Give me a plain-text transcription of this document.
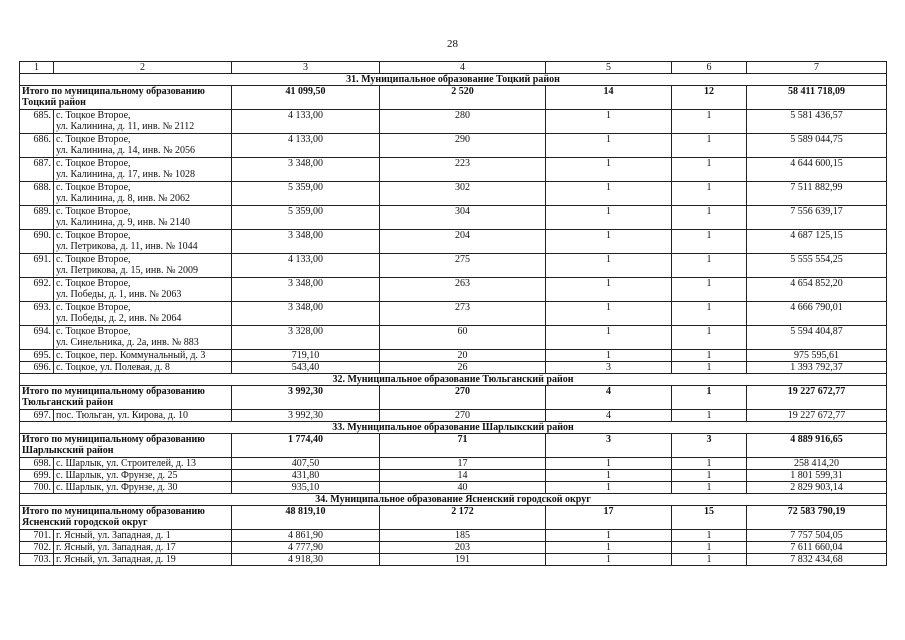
28
1	2	3	4	5	6	7
31. Муниципальное образование Тоцкий район						
Итого по муниципальному образованию Тоцкий район		41 099,50	2 520	14	12	58 411 718,09
685.	с. Тоцкое Второе,
ул. Калинина, д. 11, инв. № 2112	4 133,00	280	1	1	5 581 436,57
686.	с. Тоцкое Второе,
ул. Калинина, д. 14, инв. № 2056	4 133,00	290	1	1	5 589 044,75
687.	с. Тоцкое Второе,
ул. Калинина, д. 17, инв. № 1028	3 348,00	223	1	1	4 644 600,15
688.	с. Тоцкое Второе,
ул. Калинина, д. 8, инв. № 2062	5 359,00	302	1	1	7 511 882,99
689.	с. Тоцкое Второе,
ул. Калинина, д. 9, инв. № 2140	5 359,00	304	1	1	7 556 639,17
690.	с. Тоцкое Второе,
ул. Петрикова, д. 11, инв. № 1044	3 348,00	204	1	1	4 687 125,15
691.	с. Тоцкое Второе,
ул. Петрикова, д. 15, инв. № 2009	4 133,00	275	1	1	5 555 554,25
692.	с. Тоцкое Второе,
ул. Победы, д. 1, инв. № 2063	3 348,00	263	1	1	4 654 852,20
693.	с. Тоцкое Второе,
ул. Победы, д. 2, инв. № 2064	3 348,00	273	1	1	4 666 790,01
694.	с. Тоцкое Второе,
ул. Синельника, д. 2а, инв. № 883	3 328,00	60	1	1	5 594 404,87
695.	с. Тоцкое, пер. Коммунальный, д. 3	719,10	20	1	1	975 595,61
696.	с. Тоцкое, ул. Полевая, д. 8	543,40	26	3	1	1 393 792,37
32. Муниципальное образование Тюльганский район						
Итого по муниципальному образованию Тюльганский район		3 992,30	270	4	1	19 227 672,77
697.	пос. Тюльган, ул. Кирова, д. 10	3 992,30	270	4	1	19 227 672,77
33. Муниципальное образование Шарлыкский район						
Итого по муниципальному образованию Шарлыкский район		1 774,40	71	3	3	4 889 916,65
698.	с. Шарлык, ул. Строителей, д. 13	407,50	17	1	1	258 414,20
699.	с. Шарлык, ул. Фрунзе, д. 25	431,80	14	1	1	1 801 599,31
700.	с. Шарлык, ул. Фрунзе, д. 30	935,10	40	1	1	2 829 903,14
34. Муниципальное образование Ясненский городской округ						
Итого по муниципальному образованию Ясненский городской округ		48 819,10	2 172	17	15	72 583 790,19
701.	г. Ясный, ул. Западная, д. 1	4 861,90	185	1	1	7 757 504,05
702.	г. Ясный, ул. Западная, д. 17	4 777,90	203	1	1	7 611 660,04
703.	г. Ясный, ул. Западная, д. 19	4 918,30	191	1	1	7 832 434,68
